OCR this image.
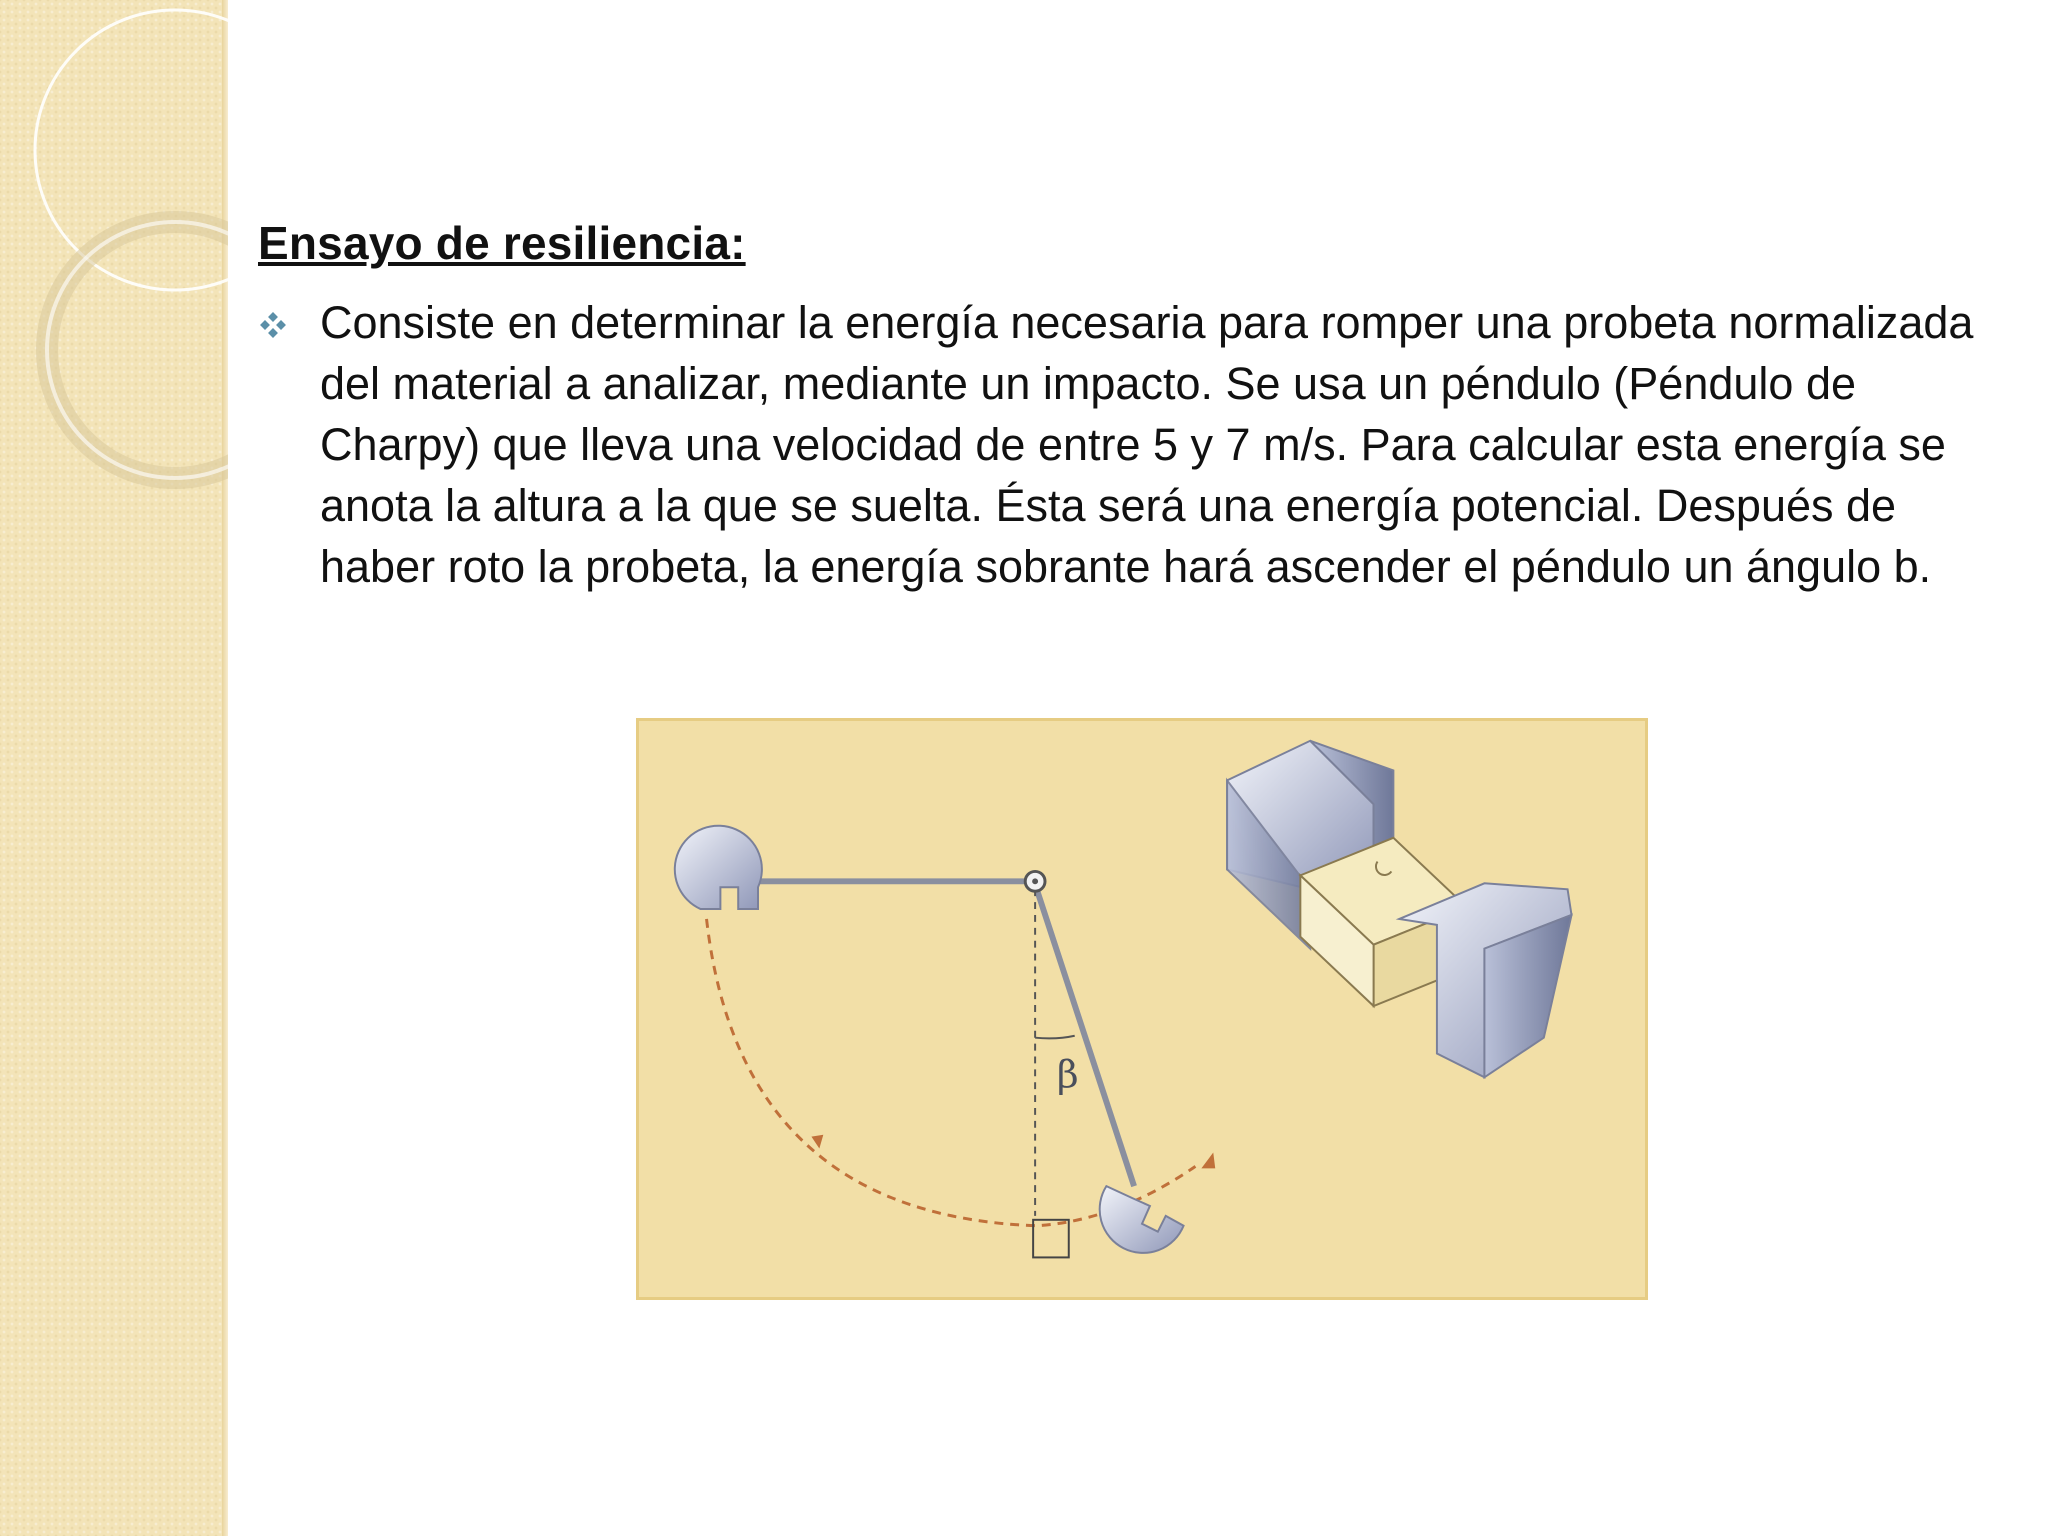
Ensayo de resiliencia:

Consiste en determinar la energía necesaria para romper una probeta normalizada del material a analizar, mediante un impacto. Se usa un péndulo (Péndulo de Charpy) que lleva una velocidad de entre 5 y 7 m/s. Para calcular esta energía se anota la altura a la que se suelta. Ésta será una energía potencial. Después de haber roto la probeta, la energía sobrante hará ascender el péndulo un ángulo b.

β
